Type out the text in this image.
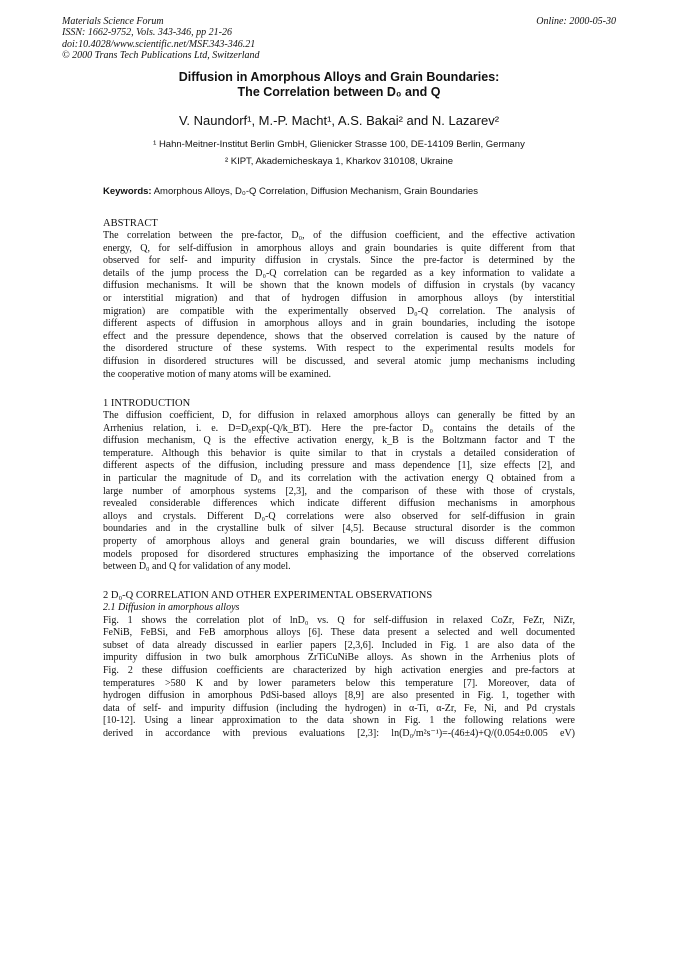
Materials Science Forum
ISSN: 1662-9752, Vols. 343-346, pp 21-26
doi:10.4028/www.scientific.net/MSF.343-346.21
© 2000 Trans Tech Publications Ltd, Switzerland
Online: 2000-05-30
Diffusion in Amorphous Alloys and Grain Boundaries:
The Correlation between D₀ and Q
V. Naundorf¹, M.-P. Macht¹, A.S. Bakai² and N. Lazarev²
¹ Hahn-Meitner-Institut Berlin GmbH, Glienicker Strasse 100, DE-14109 Berlin, Germany
² KIPT, Akademicheskaya 1, Kharkov 310108, Ukraine
Keywords: Amorphous Alloys, D₀-Q Correlation, Diffusion Mechanism, Grain Boundaries
ABSTRACT
The correlation between the pre-factor, D₀, of the diffusion coefficient, and the effective activation
energy, Q, for self-diffusion in amorphous alloys and grain boundaries is quite different from that
observed for self- and impurity diffusion in crystals. Since the pre-factor is determined by the
details of the jump process the D₀-Q correlation can be regarded as a key information to validate a
diffusion mechanisms. It will be shown that the known models of diffusion in crystals (by vacancy
or interstitial migration) and that of hydrogen diffusion in amorphous alloys (by interstitial
migration) are compatible with the experimentally observed D₀-Q correlation. The analysis of
different aspects of diffusion in amorphous alloys and in grain boundaries, including the isotope
effect and the pressure dependence, shows that the observed correlation is caused by the nature of
the disordered structure of these systems. With respect to the experimental results models for
diffusion in disordered structures will be discussed, and several atomic jump mechanisms including
the cooperative motion of many atoms will be examined.
1 INTRODUCTION
The diffusion coefficient, D, for diffusion in relaxed amorphous alloys can generally be fitted by an
Arrhenius relation, i. e. D=D₀exp(-Q/k_BT). Here the pre-factor D₀ contains the details of the
diffusion mechanism, Q is the effective activation energy, k_B is the Boltzmann factor and T the
temperature. Although this behavior is quite similar to that in crystals a detailed consideration of
different aspects of the diffusion, including pressure and mass dependence [1], size effects [2], and
in particular the magnitude of D₀ and its correlation with the activation energy Q obtained from a
large number of amorphous systems [2,3], and the comparison of these with those of crystals,
revealed considerable differences which indicate different diffusion mechanisms in amorphous
alloys and crystals. Different D₀-Q correlations were also observed for self-diffusion in grain
boundaries and in the crystalline bulk of silver [4,5]. Because structural disorder is the common
property of amorphous alloys and general grain boundaries, we will discuss different diffusion
models proposed for disordered structures emphasizing the importance of the observed correlations
between D₀ and Q for validation of any model.
2 D₀-Q CORRELATION AND OTHER EXPERIMENTAL OBSERVATIONS
2.1 Diffusion in amorphous alloys
Fig. 1 shows the correlation plot of lnD₀ vs. Q for self-diffusion in relaxed CoZr, FeZr, NiZr,
FeNiB, FeBSi, and FeB amorphous alloys [6]. These data present a selected and well documented
subset of data already discussed in earlier papers [2,3,6]. Included in Fig. 1 are also data of the
impurity diffusion in two bulk amorphous ZrTiCuNiBe alloys. As shown in the Arrhenius plots of
Fig. 2 these diffusion coefficients are characterized by high activation energies and pre-factors at
temperatures >580 K and by lower parameters below this temperature [7]. Moreover, data of
hydrogen diffusion in amorphous PdSi-based alloys [8,9] are also presented in Fig. 1, together with
data of self- and impurity diffusion (including the hydrogen) in α-Ti, α-Zr, Fe, Ni, and Pd crystals
[10-12]. Using a linear approximation to the data shown in Fig. 1 the following relations were
derived in accordance with previous evaluations [2,3]: ln(D₀/m²s⁻¹)=-(46±4)+Q/(0.054±0.005 eV)
